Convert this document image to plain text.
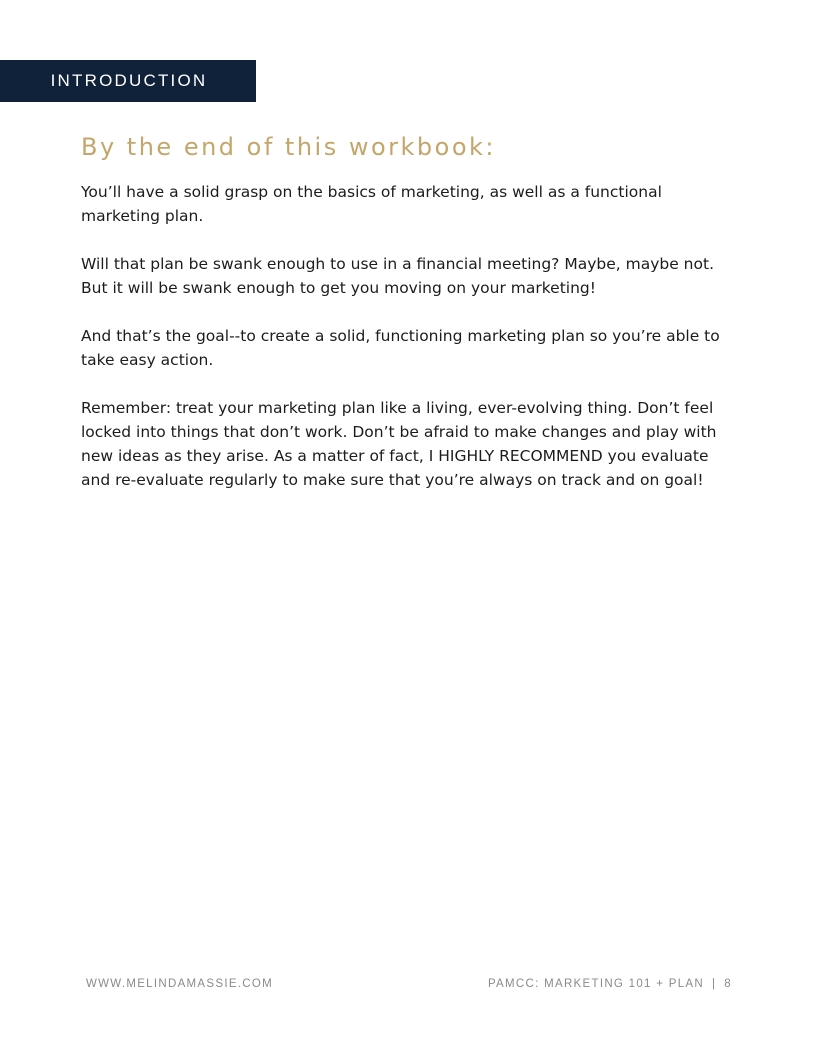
INTRODUCTION
By the end of this workbook:

You’ll have a solid grasp on the basics of marketing, as well as a functional marketing plan.

Will that plan be swank enough to use in a financial meeting? Maybe, maybe not. But it will be swank enough to get you moving on your marketing!

And that’s the goal--to create a solid, functioning marketing plan so you’re able to take easy action.

Remember: treat your marketing plan like a living, ever-evolving thing. Don’t feel locked into things that don’t work. Don’t be afraid to make changes and play with new ideas as they arise. As a matter of fact, I HIGHLY RECOMMEND you evaluate and re-evaluate regularly to make sure that you’re always on track and on goal!

WWW.MELINDAMASSIE.COM	PAMCC: MARKETING 101 + PLAN | 8
